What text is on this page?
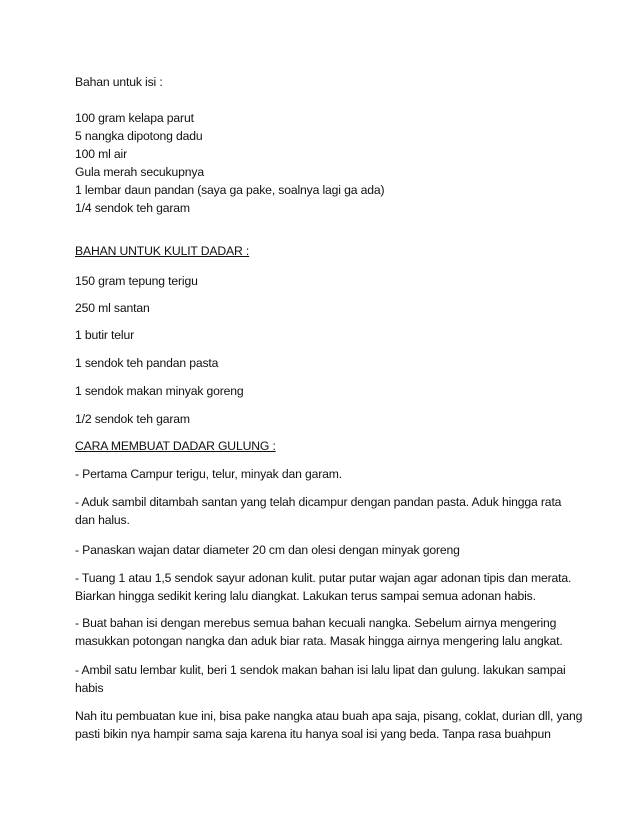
Bahan untuk isi :
100 gram kelapa parut
5 nangka dipotong dadu
100 ml air
Gula merah secukupnya
1 lembar daun pandan (saya ga pake, soalnya lagi ga ada)
1/4 sendok teh garam
BAHAN UNTUK KULIT DADAR :
150 gram tepung terigu
250 ml santan
1 butir telur
1 sendok teh pandan pasta
1 sendok makan minyak goreng
1/2 sendok teh garam
CARA MEMBUAT DADAR GULUNG :
- Pertama Campur terigu, telur, minyak dan garam.
- Aduk sambil ditambah santan yang telah dicampur dengan pandan pasta. Aduk hingga rata
dan halus.
- Panaskan wajan datar diameter 20 cm dan olesi dengan minyak goreng
- Tuang 1 atau 1,5 sendok sayur adonan kulit. putar putar wajan agar adonan tipis dan merata.
Biarkan hingga sedikit kering lalu diangkat. Lakukan terus sampai semua adonan habis.
- Buat bahan isi dengan merebus semua bahan kecuali nangka. Sebelum airnya mengering
masukkan potongan nangka dan aduk biar rata. Masak hingga airnya mengering lalu angkat.
- Ambil satu lembar kulit, beri 1 sendok makan bahan isi lalu lipat dan gulung. lakukan sampai
habis
Nah itu pembuatan kue ini, bisa pake nangka atau buah apa saja, pisang, coklat, durian dll, yang
pasti bikin nya hampir sama saja karena itu hanya soal isi yang beda. Tanpa rasa buahpun
